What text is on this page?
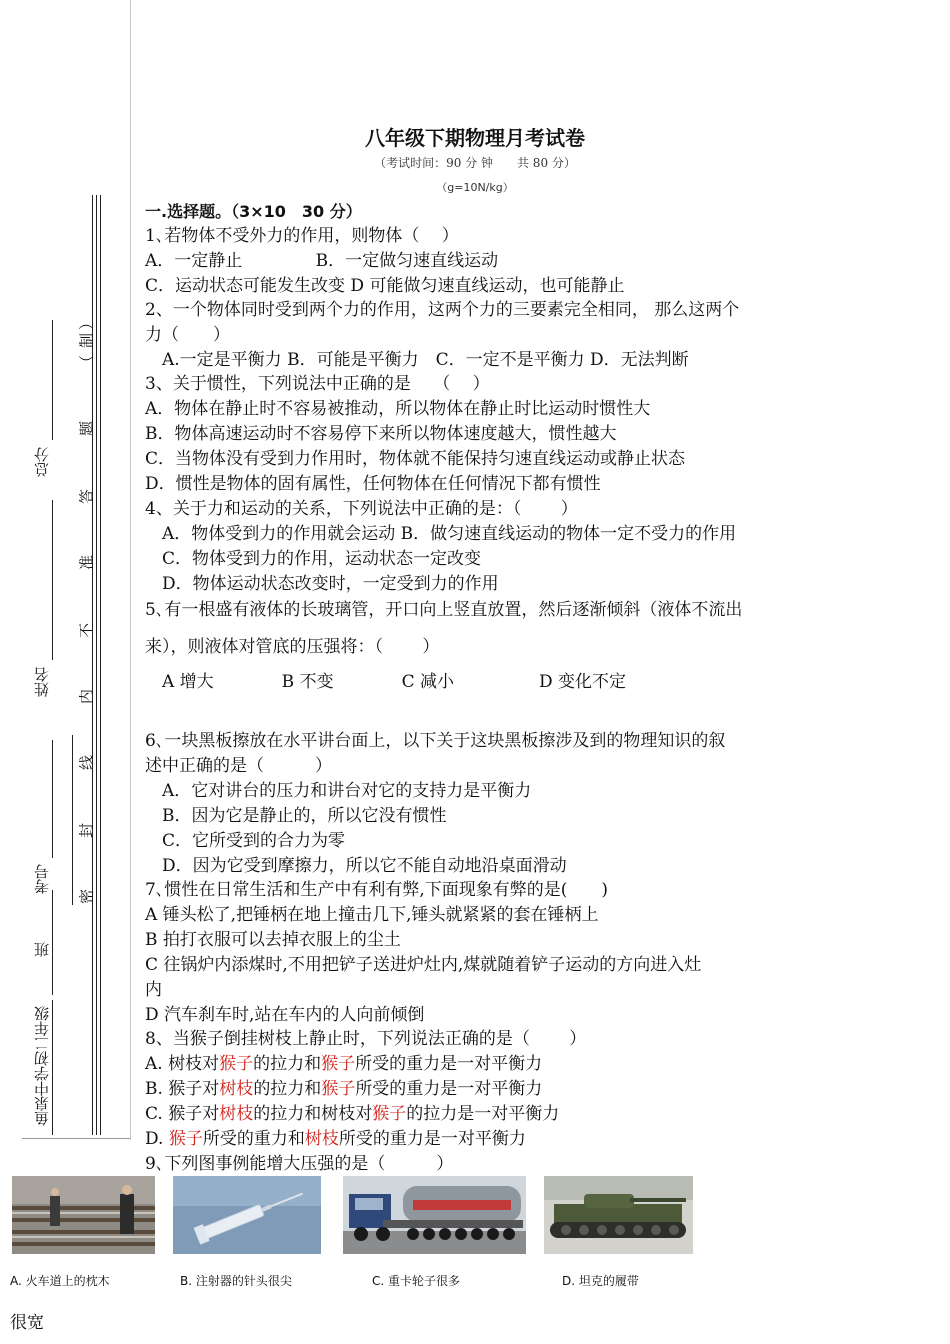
鱼泉中学初二年级
班
考号
姓名
总分
密
封
线
内
不
准
答
题
（
制
）
八年级下期物理月考试卷
（考试时间：90 分 钟　　共 80 分）
（g=10N/kg）
一.选择题。（3×10　30 分）
1､若物体不受外力的作用，则物体（　 ）
A．一定静止　　　　 B．一定做匀速直线运动
C．运动状态可能发生改变 D 可能做匀速直线运动，也可能静止
2、一个物体同时受到两个力的作用，这两个力的三要素完全相同， 那么这两个
力（　　）
　A.一定是平衡力 B．可能是平衡力　C．一定不是平衡力 D．无法判断
3、关于惯性，下列说法中正确的是　 （　 ）
A．物体在静止时不容易被推动，所以物体在静止时比运动时惯性大
B．物体高速运动时不容易停下来所以物体速度越大，惯性越大
C．当物体没有受到力作用时，物体就不能保持匀速直线运动或静止状态
D．惯性是物体的固有属性，任何物体在任何情况下都有惯性
4、关于力和运动的关系，下列说法中正确的是：（　　 ）
　A．物体受到力的作用就会运动 B．做匀速直线运动的物体一定不受力的作用
　C．物体受到力的作用，运动状态一定改变
　D．物体运动状态改变时，一定受到力的作用
5､有一根盛有液体的长玻璃管，开口向上竖直放置，然后逐渐倾斜（液体不流出
来），则液体对管底的压强将：（　　 ）
　A 增大　　　　B 不变　　　　C 减小　　　　　D 变化不定
6､一块黑板擦放在水平讲台面上，以下关于这块黑板擦涉及到的物理知识的叙
述中正确的是（　　　）
　A．它对讲台的压力和讲台对它的支持力是平衡力
　B．因为它是静止的，所以它没有惯性
　C．它所受到的合力为零
　D．因为它受到摩擦力，所以它不能自动地沿桌面滑动
7､惯性在日常生活和生产中有利有弊,下面现象有弊的是(　　)
A 锤头松了,把锤柄在地上撞击几下,锤头就紧紧的套在锤柄上
B 拍打衣服可以去掉衣服上的尘土
C 往锅炉内添煤时,不用把铲子送进炉灶内,煤就随着铲子运动的方向进入灶
内
D 汽车刹车时,站在车内的人向前倾倒
8、当猴子倒挂树枝上静止时，下列说法正确的是（　　 ）
A. 树枝对猴子的拉力和猴子所受的重力是一对平衡力
B. 猴子对树枝的拉力和猴子所受的重力是一对平衡力
C. 猴子对树枝的拉力和树枝对猴子的拉力是一对平衡力
D. 猴子所受的重力和树枝所受的重力是一对平衡力
9､下列图事例能增大压强的是（　　　）
A. 火车道上的枕木	B. 注射器的针头很尖	C. 重卡轮子很多	D. 坦克的履带
很宽
